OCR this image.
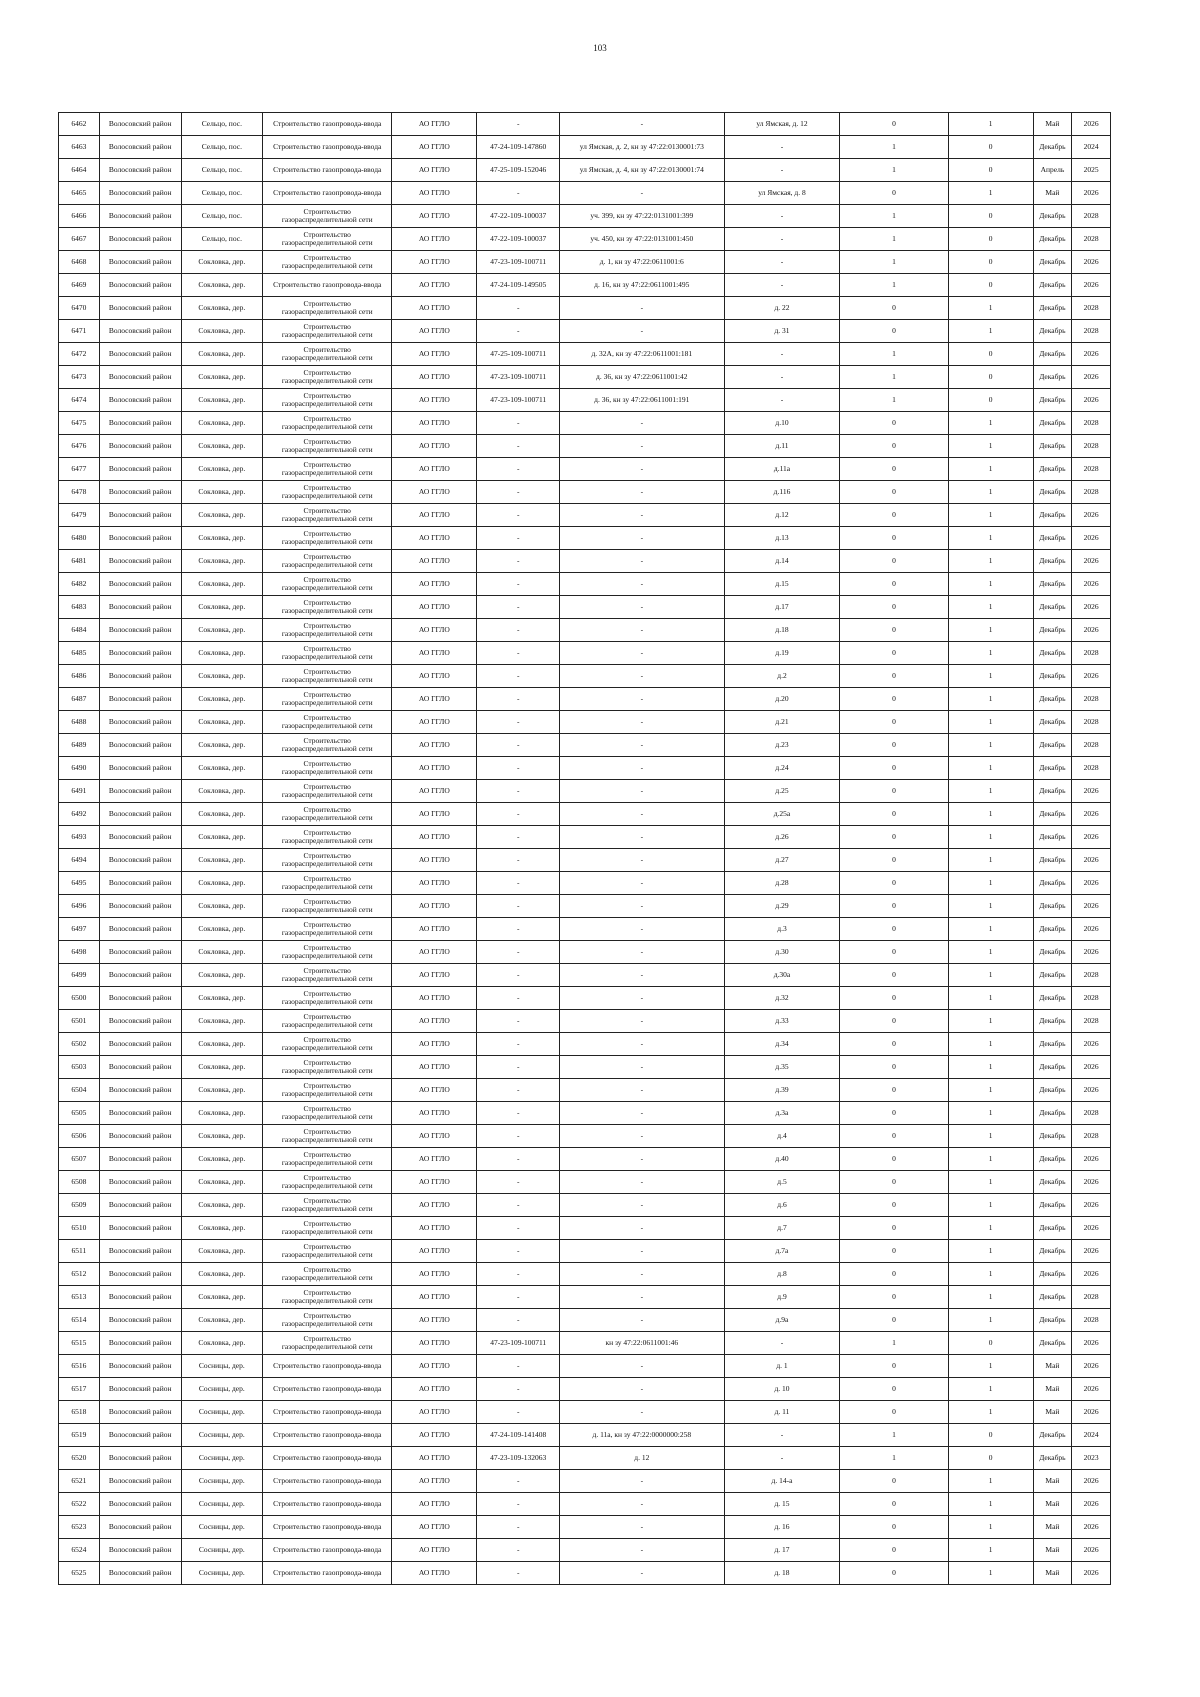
103
6462	Волосовский район	Сельцо, пос.	Строительство газопровода-ввода	АО ГГЛО	-	-	ул Ямская, д. 12	0	1	Май	2026
6463	Волосовский район	Сельцо, пос.	Строительство газопровода-ввода	АО ГГЛО	47-24-109-147860	ул Ямская, д. 2, кн зу 47:22:0130001:73	-	1	0	Декабрь	2024
6464	Волосовский район	Сельцо, пос.	Строительство газопровода-ввода	АО ГГЛО	47-25-109-152046	ул Ямская, д. 4, кн зу 47:22:0130001:74	-	1	0	Апрель	2025
6465	Волосовский район	Сельцо, пос.	Строительство газопровода-ввода	АО ГГЛО	-	-	ул Ямская, д. 8	0	1	Май	2026
6466	Волосовский район	Сельцо, пос.	Строительство газораспределительной сети	АО ГГЛО	47-22-109-100037	уч. 399, кн зу 47:22:0131001:399	-	1	0	Декабрь	2028
6467	Волосовский район	Сельцо, пос.	Строительство газораспределительной сети	АО ГГЛО	47-22-109-100037	уч. 450, кн зу 47:22:0131001:450	-	1	0	Декабрь	2028
6468	Волосовский район	Сокловка, дер.	Строительство газораспределительной сети	АО ГГЛО	47-23-109-100711	д. 1, кн зу 47:22:0611001:6	-	1	0	Декабрь	2026
6469	Волосовский район	Сокловка, дер.	Строительство газопровода-ввода	АО ГГЛО	47-24-109-149505	д. 16, кн зу 47:22:0611001:495	-	1	0	Декабрь	2026
6470	Волосовский район	Сокловка, дер.	Строительство газораспределительной сети	АО ГГЛО	-	-	д. 22	0	1	Декабрь	2028
6471	Волосовский район	Сокловка, дер.	Строительство газораспределительной сети	АО ГГЛО	-	-	д. 31	0	1	Декабрь	2028
6472	Волосовский район	Сокловка, дер.	Строительство газораспределительной сети	АО ГГЛО	47-25-109-100711	д. 32А, кн зу 47:22:0611001:181	-	1	0	Декабрь	2026
6473	Волосовский район	Сокловка, дер.	Строительство газораспределительной сети	АО ГГЛО	47-23-109-100711	д. 36, кн зу 47:22:0611001:42	-	1	0	Декабрь	2026
6474	Волосовский район	Сокловка, дер.	Строительство газораспределительной сети	АО ГГЛО	47-23-109-100711	д. 36, кн зу 47:22:0611001:191	-	1	0	Декабрь	2026
6475	Волосовский район	Сокловка, дер.	Строительство газораспределительной сети	АО ГГЛО	-	-	д.10	0	1	Декабрь	2028
6476	Волосовский район	Сокловка, дер.	Строительство газораспределительной сети	АО ГГЛО	-	-	д.11	0	1	Декабрь	2028
6477	Волосовский район	Сокловка, дер.	Строительство газораспределительной сети	АО ГГЛО	-	-	д.11а	0	1	Декабрь	2028
6478	Волосовский район	Сокловка, дер.	Строительство газораспределительной сети	АО ГГЛО	-	-	д.116	0	1	Декабрь	2028
6479	Волосовский район	Сокловка, дер.	Строительство газораспределительной сети	АО ГГЛО	-	-	д.12	0	1	Декабрь	2026
6480	Волосовский район	Сокловка, дер.	Строительство газораспределительной сети	АО ГГЛО	-	-	д.13	0	1	Декабрь	2026
6481	Волосовский район	Сокловка, дер.	Строительство газораспределительной сети	АО ГГЛО	-	-	д.14	0	1	Декабрь	2026
6482	Волосовский район	Сокловка, дер.	Строительство газораспределительной сети	АО ГГЛО	-	-	д.15	0	1	Декабрь	2026
6483	Волосовский район	Сокловка, дер.	Строительство газораспределительной сети	АО ГГЛО	-	-	д.17	0	1	Декабрь	2026
6484	Волосовский район	Сокловка, дер.	Строительство газораспределительной сети	АО ГГЛО	-	-	д.18	0	1	Декабрь	2026
6485	Волосовский район	Сокловка, дер.	Строительство газораспределительной сети	АО ГГЛО	-	-	д.19	0	1	Декабрь	2028
6486	Волосовский район	Сокловка, дер.	Строительство газораспределительной сети	АО ГГЛО	-	-	д.2	0	1	Декабрь	2026
6487	Волосовский район	Сокловка, дер.	Строительство газораспределительной сети	АО ГГЛО	-	-	д.20	0	1	Декабрь	2028
6488	Волосовский район	Сокловка, дер.	Строительство газораспределительной сети	АО ГГЛО	-	-	д.21	0	1	Декабрь	2028
6489	Волосовский район	Сокловка, дер.	Строительство газораспределительной сети	АО ГГЛО	-	-	д.23	0	1	Декабрь	2028
6490	Волосовский район	Сокловка, дер.	Строительство газораспределительной сети	АО ГГЛО	-	-	д.24	0	1	Декабрь	2028
6491	Волосовский район	Сокловка, дер.	Строительство газораспределительной сети	АО ГГЛО	-	-	д.25	0	1	Декабрь	2026
6492	Волосовский район	Сокловка, дер.	Строительство газораспределительной сети	АО ГГЛО	-	-	д.25а	0	1	Декабрь	2026
6493	Волосовский район	Сокловка, дер.	Строительство газораспределительной сети	АО ГГЛО	-	-	д.26	0	1	Декабрь	2026
6494	Волосовский район	Сокловка, дер.	Строительство газораспределительной сети	АО ГГЛО	-	-	д.27	0	1	Декабрь	2026
6495	Волосовский район	Сокловка, дер.	Строительство газораспределительной сети	АО ГГЛО	-	-	д.28	0	1	Декабрь	2026
6496	Волосовский район	Сокловка, дер.	Строительство газораспределительной сети	АО ГГЛО	-	-	д.29	0	1	Декабрь	2026
6497	Волосовский район	Сокловка, дер.	Строительство газораспределительной сети	АО ГГЛО	-	-	д.3	0	1	Декабрь	2026
6498	Волосовский район	Сокловка, дер.	Строительство газораспределительной сети	АО ГГЛО	-	-	д.30	0	1	Декабрь	2026
6499	Волосовский район	Сокловка, дер.	Строительство газораспределительной сети	АО ГГЛО	-	-	д.30а	0	1	Декабрь	2028
6500	Волосовский район	Сокловка, дер.	Строительство газораспределительной сети	АО ГГЛО	-	-	д.32	0	1	Декабрь	2028
6501	Волосовский район	Сокловка, дер.	Строительство газораспределительной сети	АО ГГЛО	-	-	д.33	0	1	Декабрь	2028
6502	Волосовский район	Сокловка, дер.	Строительство газораспределительной сети	АО ГГЛО	-	-	д.34	0	1	Декабрь	2026
6503	Волосовский район	Сокловка, дер.	Строительство газораспределительной сети	АО ГГЛО	-	-	д.35	0	1	Декабрь	2026
6504	Волосовский район	Сокловка, дер.	Строительство газораспределительной сети	АО ГГЛО	-	-	д.39	0	1	Декабрь	2026
6505	Волосовский район	Сокловка, дер.	Строительство газораспределительной сети	АО ГГЛО	-	-	д.3а	0	1	Декабрь	2028
6506	Волосовский район	Сокловка, дер.	Строительство газораспределительной сети	АО ГГЛО	-	-	д.4	0	1	Декабрь	2028
6507	Волосовский район	Сокловка, дер.	Строительство газораспределительной сети	АО ГГЛО	-	-	д.40	0	1	Декабрь	2026
6508	Волосовский район	Сокловка, дер.	Строительство газораспределительной сети	АО ГГЛО	-	-	д.5	0	1	Декабрь	2026
6509	Волосовский район	Сокловка, дер.	Строительство газораспределительной сети	АО ГГЛО	-	-	д.6	0	1	Декабрь	2026
6510	Волосовский район	Сокловка, дер.	Строительство газораспределительной сети	АО ГГЛО	-	-	д.7	0	1	Декабрь	2026
6511	Волосовский район	Сокловка, дер.	Строительство газораспределительной сети	АО ГГЛО	-	-	д.7а	0	1	Декабрь	2026
6512	Волосовский район	Сокловка, дер.	Строительство газораспределительной сети	АО ГГЛО	-	-	д.8	0	1	Декабрь	2026
6513	Волосовский район	Сокловка, дер.	Строительство газораспределительной сети	АО ГГЛО	-	-	д.9	0	1	Декабрь	2028
6514	Волосовский район	Сокловка, дер.	Строительство газораспределительной сети	АО ГГЛО	-	-	д.9а	0	1	Декабрь	2028
6515	Волосовский район	Сокловка, дер.	Строительство газораспределительной сети	АО ГГЛО	47-23-109-100711	кн зу 47:22:0611001:46	-	1	0	Декабрь	2026
6516	Волосовский район	Сосницы, дер.	Строительство газопровода-ввода	АО ГГЛО	-	-	д. 1	0	1	Май	2026
6517	Волосовский район	Сосницы, дер.	Строительство газопровода-ввода	АО ГГЛО	-	-	д. 10	0	1	Май	2026
6518	Волосовский район	Сосницы, дер.	Строительство газопровода-ввода	АО ГГЛО	-	-	д. 11	0	1	Май	2026
6519	Волосовский район	Сосницы, дер.	Строительство газопровода-ввода	АО ГГЛО	47-24-109-141408	д. 11а, кн зу 47:22:0000000:258	-	1	0	Декабрь	2024
6520	Волосовский район	Сосницы, дер.	Строительство газопровода-ввода	АО ГГЛО	47-23-109-132063	д. 12	-	1	0	Декабрь	2023
6521	Волосовский район	Сосницы, дер.	Строительство газопровода-ввода	АО ГГЛО	-	-	д. 14-а	0	1	Май	2026
6522	Волосовский район	Сосницы, дер.	Строительство газопровода-ввода	АО ГГЛО	-	-	д. 15	0	1	Май	2026
6523	Волосовский район	Сосницы, дер.	Строительство газопровода-ввода	АО ГГЛО	-	-	д. 16	0	1	Май	2026
6524	Волосовский район	Сосницы, дер.	Строительство газопровода-ввода	АО ГГЛО	-	-	д. 17	0	1	Май	2026
6525	Волосовский район	Сосницы, дер.	Строительство газопровода-ввода	АО ГГЛО	-	-	д. 18	0	1	Май	2026
